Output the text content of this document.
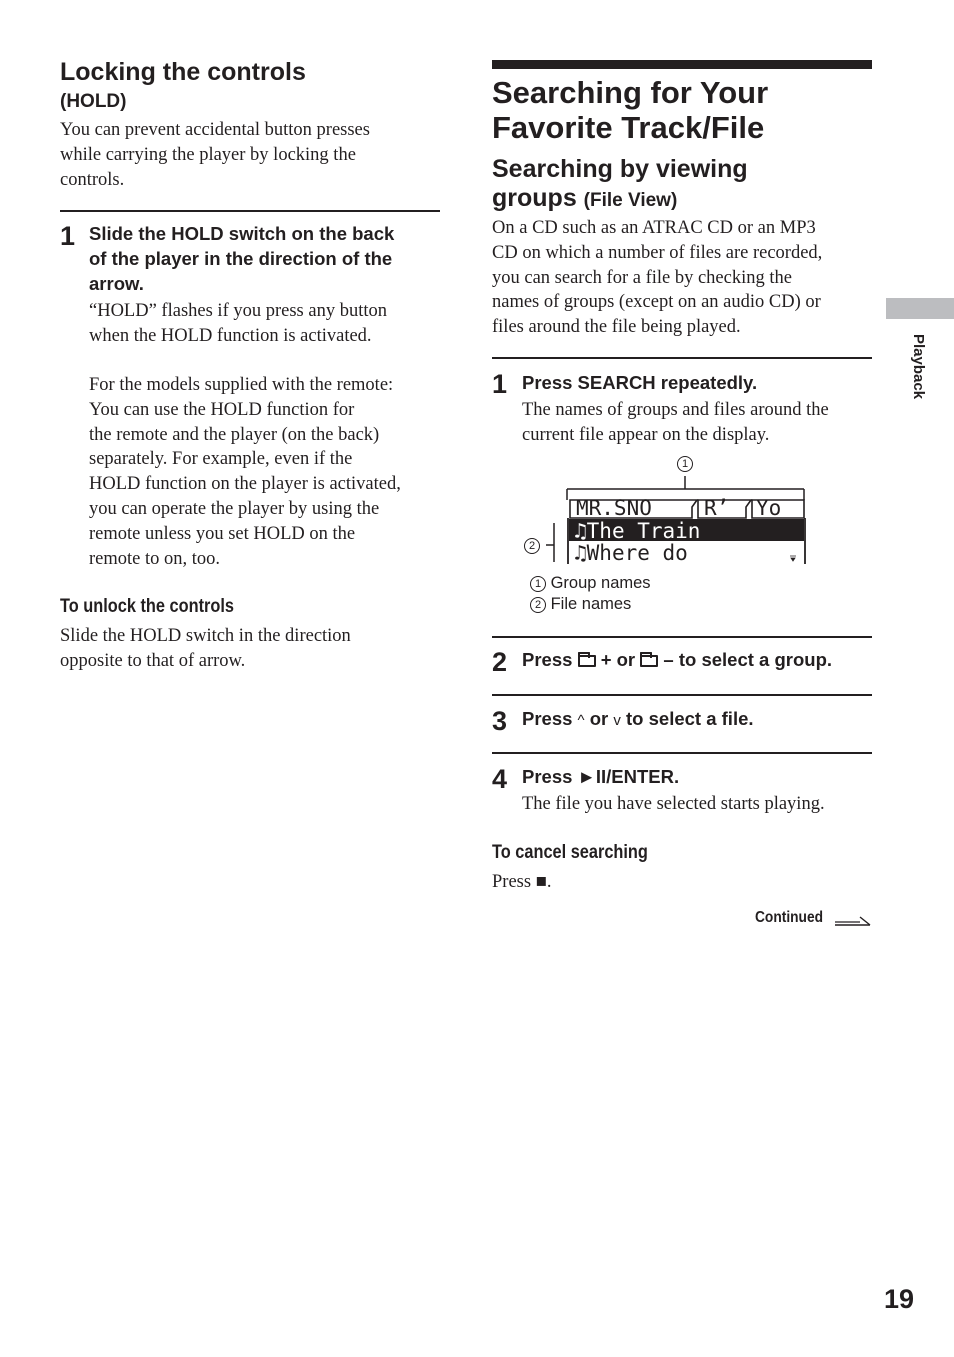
Locking the controls
(HOLD)
You can prevent accidental button presses
while carrying the player by locking the
controls.
1 Slide the HOLD switch on the back
of the player in the direction of the
arrow.
“HOLD” flashes if you press any button
when the HOLD function is activated.
For the models supplied with the remote:
You can use the HOLD function for
the remote and the player (on the back)
separately. For example, even if the
HOLD function on the player is activated,
you can operate the player by using the
remote unless you set HOLD on the
remote to on, too.
To unlock the controls
Slide the HOLD switch in the direction
opposite to that of arrow.
Searching for Your
Favorite Track/File
Searching by viewing
groups (File View)
On a CD such as an ATRAC CD or an MP3
CD on which a number of files are recorded,
you can search for a file by checking the
names of groups (except on an audio CD) or
files around the file being played.
1 Press SEARCH repeatedly.
The names of groups and files around the
current file appear on the display.
1
2
MR.SNO R’ Yo
♫The Train
♫Where do
1 Group names
2 File names
2 Press + or – to select a group.
3 Press ^ or v to select a file.
4 Press ►II/ENTER.
The file you have selected starts playing.
To cancel searching
Press ■.
Continued
Playback
19
